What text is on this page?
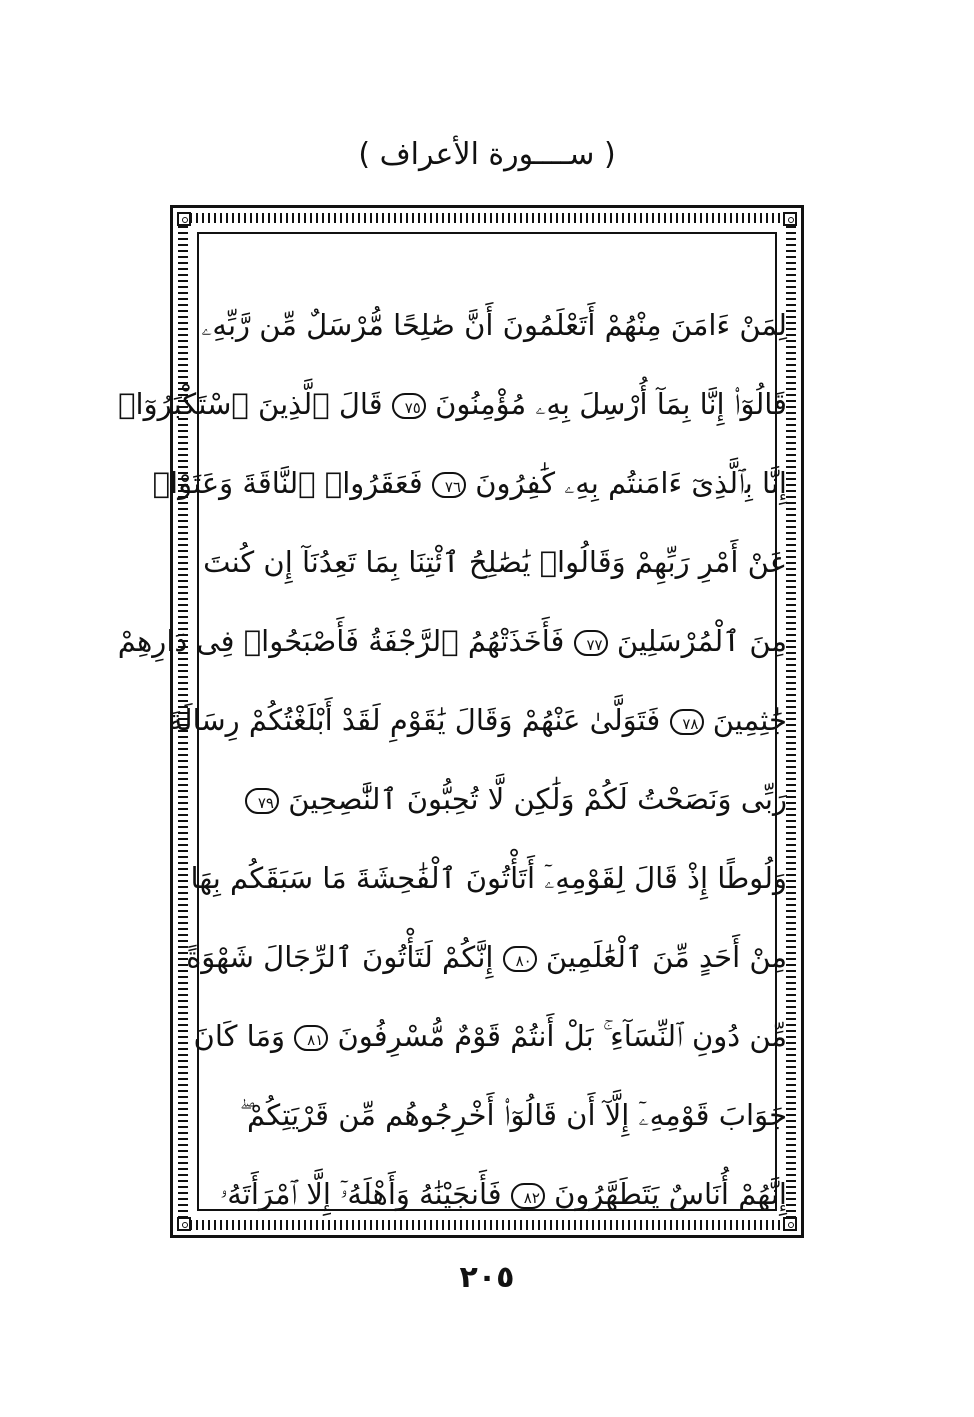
( ســــورة الأعراف )
لِمَنْ ءَامَنَ مِنْهُمْ أَتَعْلَمُونَ أَنَّ صَٰلِحًا مُّرْسَلٌ مِّن رَّبِّهِۦ
قَالُوٓا۟ إِنَّا بِمَآ أُرْسِلَ بِهِۦ مُؤْمِنُونَ ٧٥ قَالَ ٱلَّذِينَ ٱسْتَكْبَرُوٓا۟
إِنَّا بِٱلَّذِىٓ ءَامَنتُم بِهِۦ كَٰفِرُونَ ٧٦ فَعَقَرُوا۟ ٱلنَّاقَةَ وَعَتَوْا۟
عَنْ أَمْرِ رَبِّهِمْ وَقَالُوا۟ يَٰصَٰلِحُ ٱئْتِنَا بِمَا تَعِدُنَآ إِن كُنتَ
مِنَ ٱلْمُرْسَلِينَ ٧٧ فَأَخَذَتْهُمُ ٱلرَّجْفَةُ فَأَصْبَحُوا۟ فِى دَارِهِمْ
جَٰثِمِينَ ٧٨ فَتَوَلَّىٰ عَنْهُمْ وَقَالَ يَٰقَوْمِ لَقَدْ أَبْلَغْتُكُمْ رِسَالَةَ
رَبِّى وَنَصَحْتُ لَكُمْ وَلَٰكِن لَّا تُحِبُّونَ ٱلنَّٰصِحِينَ ٧٩
وَلُوطًا إِذْ قَالَ لِقَوْمِهِۦٓ أَتَأْتُونَ ٱلْفَٰحِشَةَ مَا سَبَقَكُم بِهَا
مِنْ أَحَدٍ مِّنَ ٱلْعَٰلَمِينَ ٨٠ إِنَّكُمْ لَتَأْتُونَ ٱلرِّجَالَ شَهْوَةً
مِّن دُونِ ٱلنِّسَآءِ ۚ بَلْ أَنتُمْ قَوْمٌ مُّسْرِفُونَ ٨١ وَمَا كَانَ
جَوَابَ قَوْمِهِۦٓ إِلَّآ أَن قَالُوٓا۟ أَخْرِجُوهُم مِّن قَرْيَتِكُمْ ۖ
إِنَّهُمْ أُنَاسٌ يَتَطَهَّرُونَ ٨٢ فَأَنجَيْنَٰهُ وَأَهْلَهُۥٓ إِلَّا ٱمْرَأَتَهُۥ
٢٠٥
